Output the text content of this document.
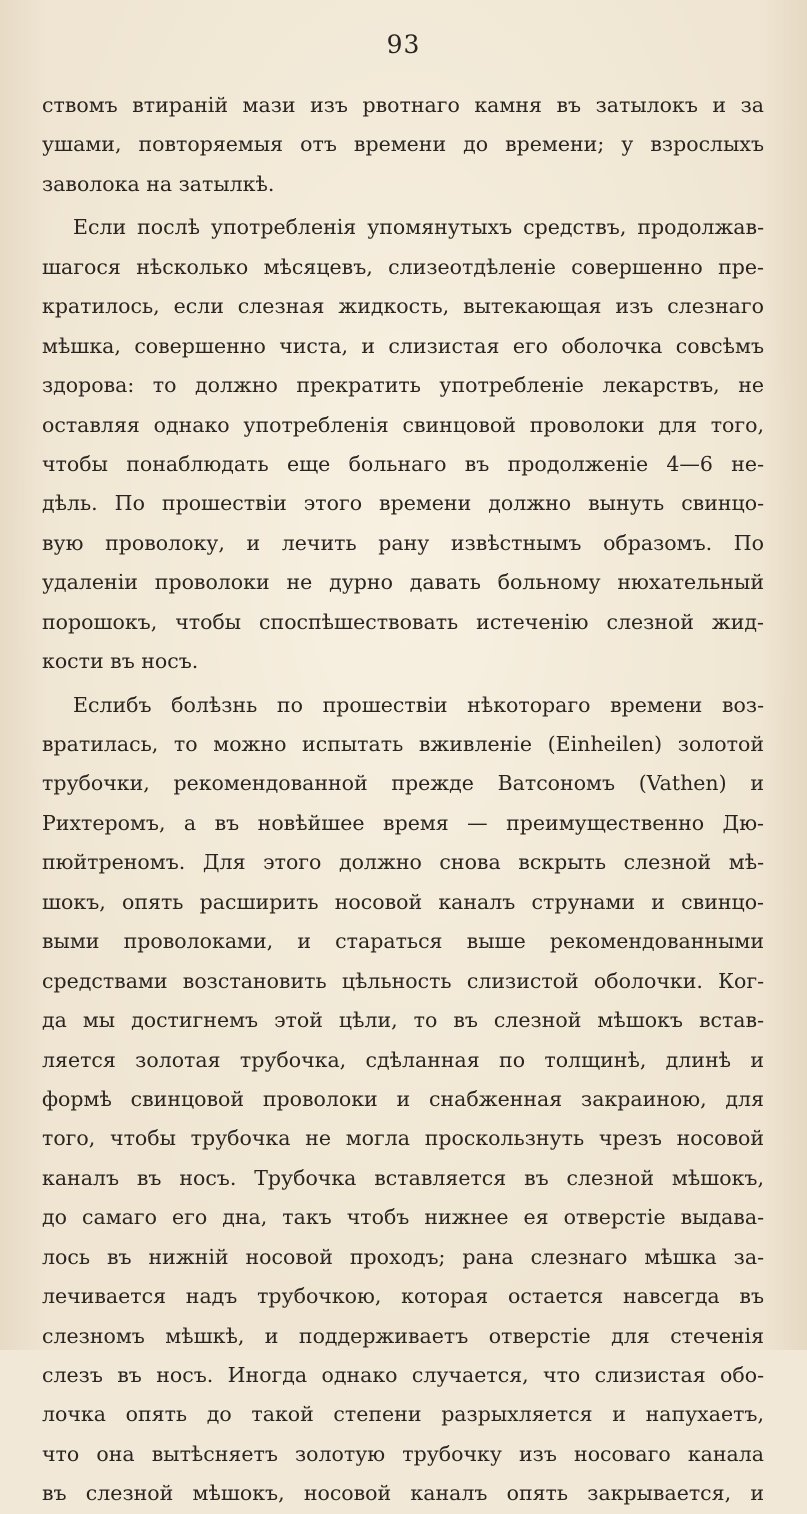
93
ствомъ втиранiй мази изъ рвотнаго камня въ затылокъ и за
ушами, повторяемыя отъ времени до времени; у взрослыхъ
заволока на затылкѣ.
Если послѣ употребленiя упомянутыхъ средствъ, продолжав-
шагося нѣсколько мѣсяцевъ, слизеотдѣленiе совершенно пре-
кратилось, если слезная жидкость, вытекающая изъ слезнаго
мѣшка, совершенно чиста, и слизистая его оболочка совсѣмъ
здорова: то должно прекратить употребленiе лекарствъ, не
оставляя однако употребленiя свинцовой проволоки для того,
чтобы понаблюдать еще больнаго въ продолженiе 4—6 не-
дѣль. По прошествiи этого времени должно вынуть свинцо-
вую проволоку, и лечить рану извѣстнымъ образомъ. По
удаленiи проволоки не дурно давать больному нюхательный
порошокъ, чтобы споспѣшествовать истеченiю слезной жид-
кости въ носъ.
Еслибъ болѣзнь по прошествiи нѣкотораго времени воз-
вратилась, то можно испытать вживленiе (Einheilen) золотой
трубочки, рекомендованной прежде Ватсономъ (Vathen) и
Рихтеромъ, а въ новѣйшее время — преимущественно Дю-
пюйтреномъ. Для этого должно снова вскрыть слезной мѣ-
шокъ, опять расширить носовой каналъ струнами и свинцо-
выми проволоками, и стараться выше рекомендованными
средствами возстановить цѣльность слизистой оболочки. Ког-
да мы достигнемъ этой цѣли, то въ слезной мѣшокъ встав-
ляется золотая трубочка, сдѣланная по толщинѣ, длинѣ и
формѣ свинцовой проволоки и снабженная закраиною, для
того, чтобы трубочка не могла проскользнуть чрезъ носовой
каналъ въ носъ. Трубочка вставляется въ слезной мѣшокъ,
до самаго его дна, такъ чтобъ нижнее ея отверстiе выдава-
лось въ нижнiй носовой проходъ; рана слезнаго мѣшка за-
лечивается надъ трубочкою, которая остается навсегда въ
слезномъ мѣшкѣ, и поддерживаетъ отверстiе для стеченiя
слезъ въ носъ. Иногда однако случается, что слизистая обо-
лочка опять до такой степени разрыхляется и напухаетъ,
что она вытѣсняетъ золотую трубочку изъ носоваго канала
въ слезной мѣшокъ, носовой каналъ опять закрывается, и
